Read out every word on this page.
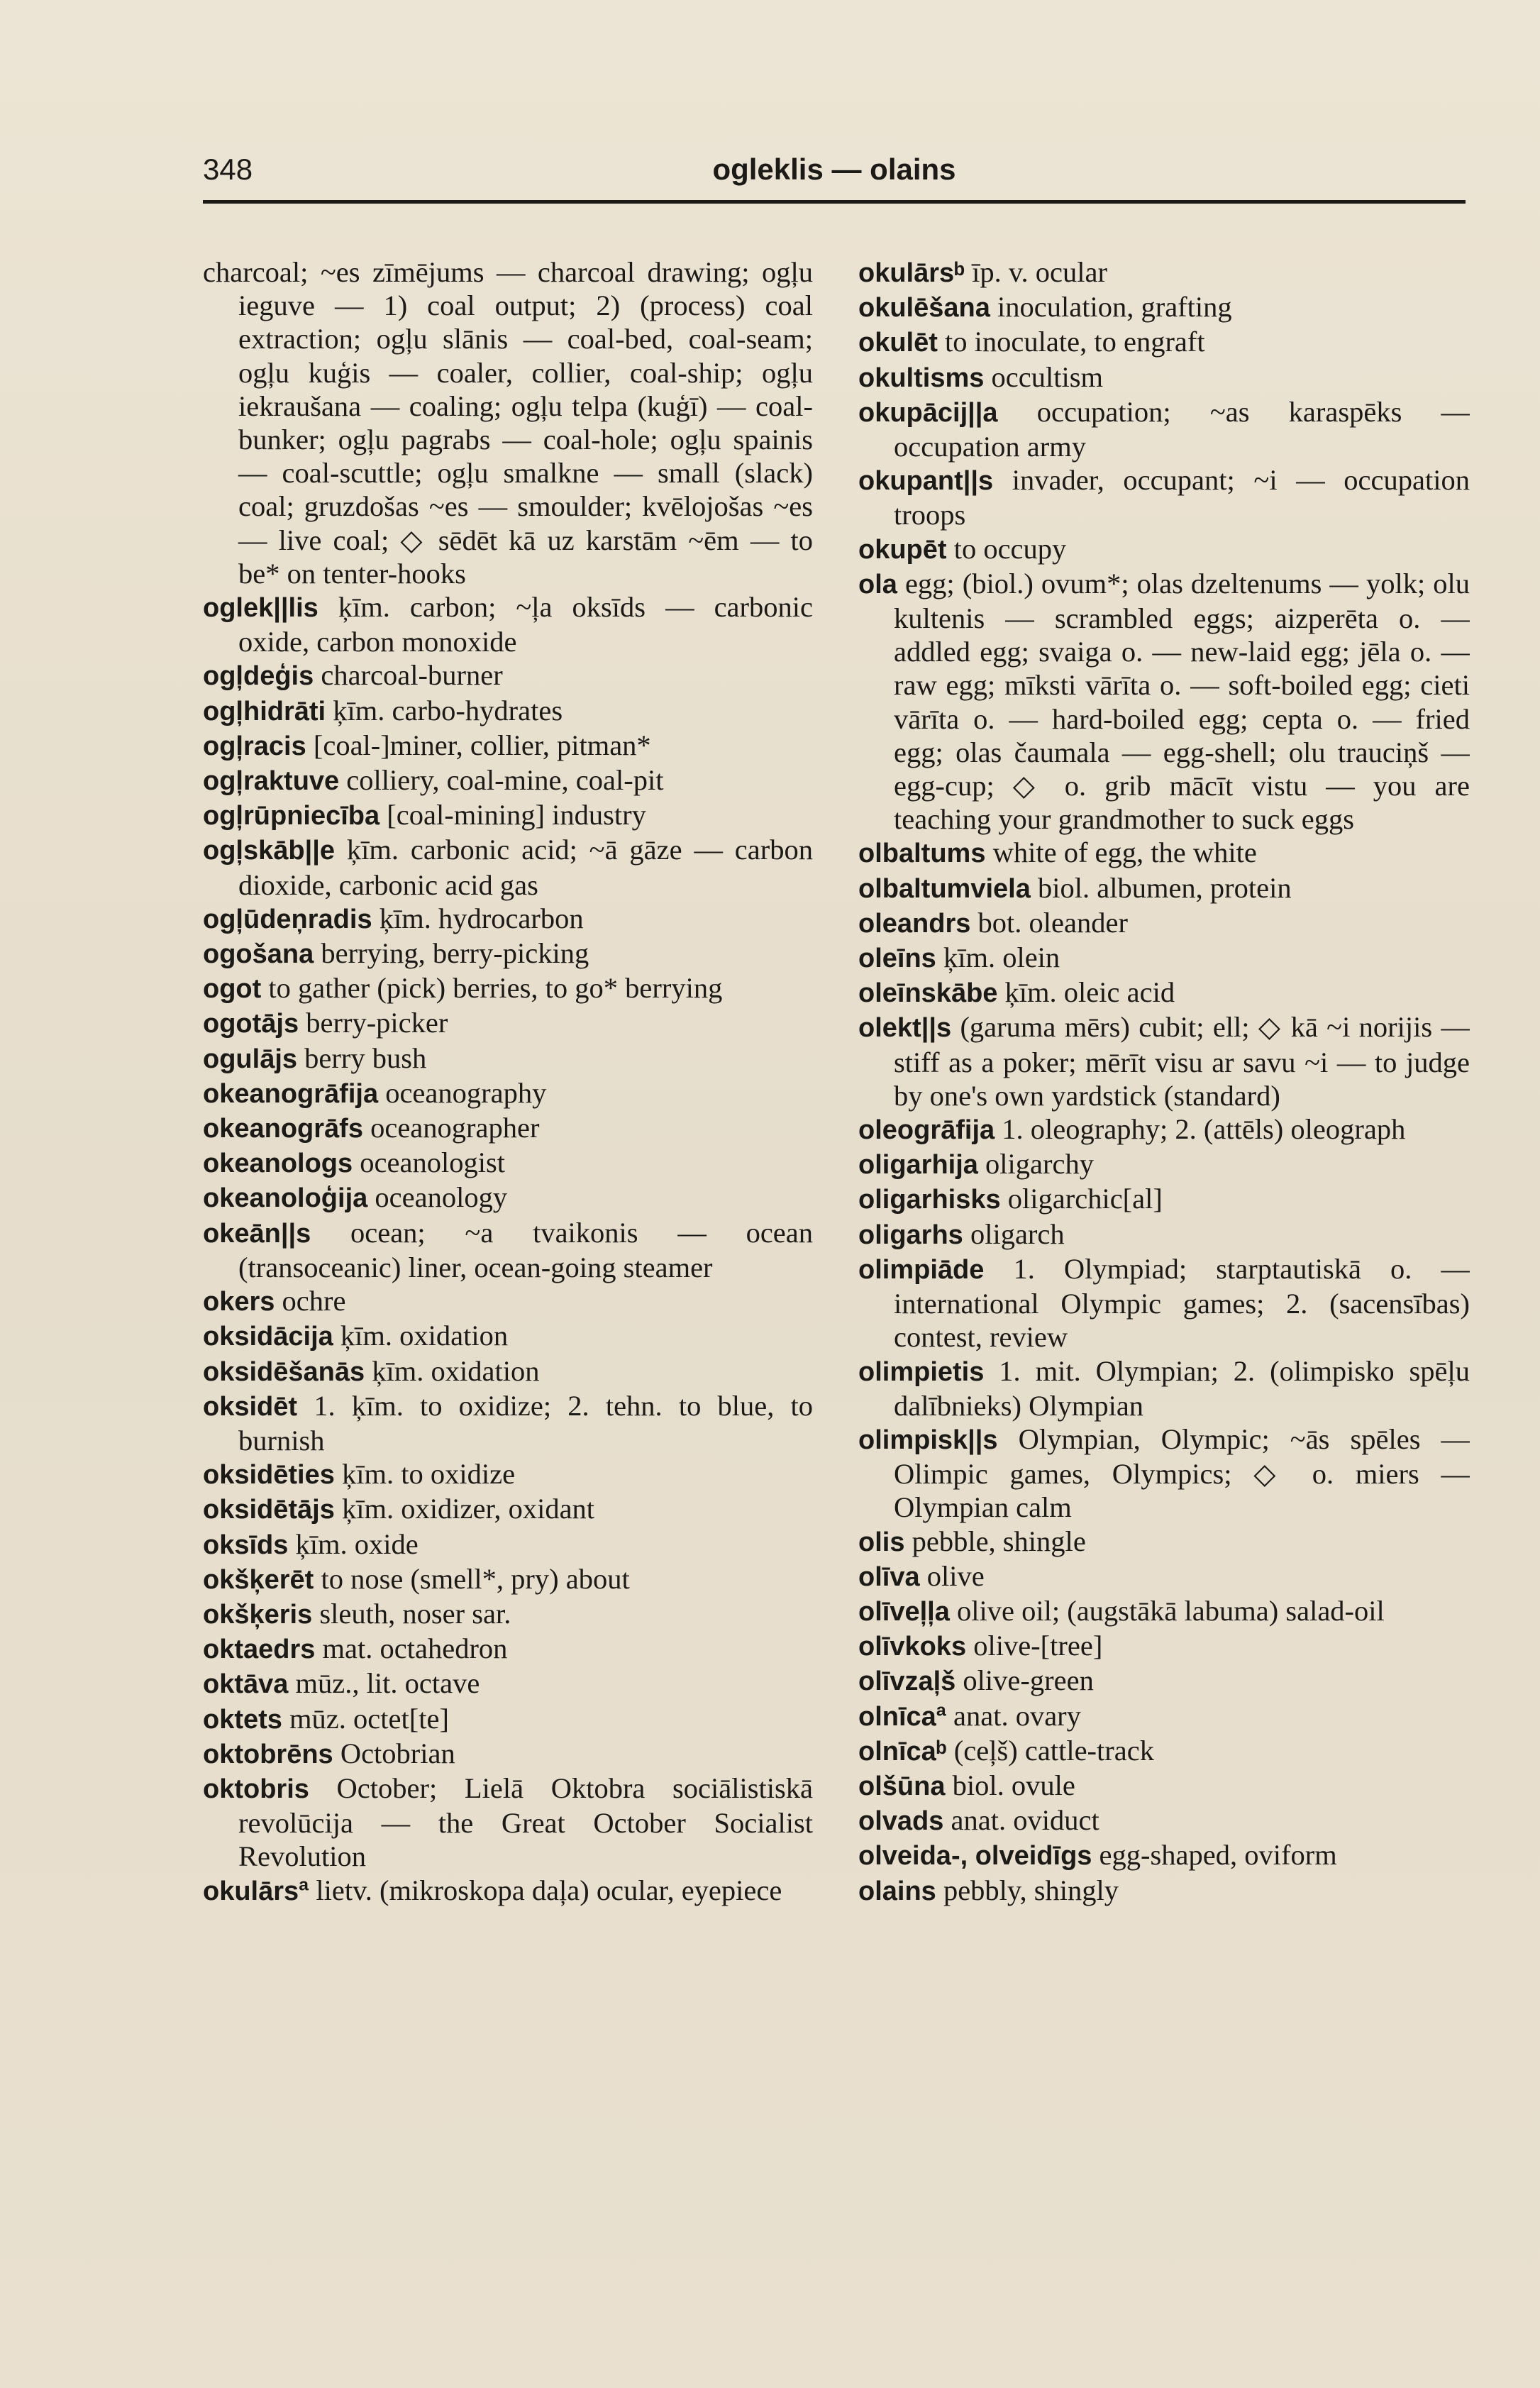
348	ogleklis — olains
charcoal; ~es zīmējums — charcoal drawing; ogļu ieguve — 1) coal output; 2) (process) coal extraction; ogļu slānis — coal-bed, coal-seam; ogļu kuģis — coaler, collier, coal-ship; ogļu iekraušana — coaling; ogļu telpa (kuģī) — coal-bunker; ogļu pagrabs — coal-hole; ogļu spainis — coal-scuttle; ogļu smalkne — small (slack) coal; gruzdošas ~es — smoulder; kvēlojošas ~es — live coal; ◇ sēdēt kā uz karstām ~ēm — to be* on tenter-hooks
oglek||lis ķīm. carbon; ~ļa oksīds — carbonic oxide, carbon monoxide
ogļdeģis charcoal-burner
ogļhidrāti ķīm. carbo-hydrates
ogļracis [coal-]miner, collier, pitman*
ogļraktuve colliery, coal-mine, coal-pit
ogļrūpniecība [coal-mining] industry
ogļskāb||e ķīm. carbonic acid; ~ā gāze — carbon dioxide, carbonic acid gas
ogļūdeņradis ķīm. hydrocarbon
ogošana berrying, berry-picking
ogot to gather (pick) berries, to go* berrying
ogotājs berry-picker
ogulājs berry bush
okeanogrāfija oceanography
okeanogrāfs oceanographer
okeanologs oceanologist
okeanoloģija oceanology
okeān||s ocean; ~a tvaikonis — ocean (transoceanic) liner, ocean-going steamer
okers ochre
oksidācija ķīm. oxidation
oksidēšanās ķīm. oxidation
oksidēt 1. ķīm. to oxidize; 2. tehn. to blue, to burnish
oksidēties ķīm. to oxidize
oksidētājs ķīm. oxidizer, oxidant
oksīds ķīm. oxide
okšķerēt to nose (smell*, pry) about
okšķeris sleuth, noser sar.
oktaedrs mat. octahedron
oktāva mūz., lit. octave
oktets mūz. octet[te]
oktobrēns Octobrian
oktobris October; Lielā Oktobra sociālistiskā revolūcija — the Great October Socialist Revolution
okulārsª lietv. (mikroskopa daļa) ocular, eyepiece
okulārsᵇ īp. v. ocular
okulēšana inoculation, grafting
okulēt to inoculate, to engraft
okultisms occultism
okupācij||a occupation; ~as karaspēks — occupation army
okupant||s invader, occupant; ~i — occupation troops
okupēt to occupy
ola egg; (biol.) ovum*; olas dzeltenums — yolk; olu kultenis — scrambled eggs; aizperēta o. — addled egg; svaiga o. — new-laid egg; jēla o. — raw egg; mīksti vārīta o. — soft-boiled egg; cieti vārīta o. — hard-boiled egg; cepta o. — fried egg; olas čaumala — egg-shell; olu trauciņš — egg-cup; ◇ o. grib mācīt vistu — you are teaching your grandmother to suck eggs
olbaltums white of egg, the white
olbaltumviela biol. albumen, protein
oleandrs bot. oleander
oleīns ķīm. olein
oleīnskābe ķīm. oleic acid
olekt||s (garuma mērs) cubit; ell; ◇ kā ~i norijis — stiff as a poker; mērīt visu ar savu ~i — to judge by one's own yardstick (standard)
oleogrāfija 1. oleography; 2. (attēls) oleograph
oligarhija oligarchy
oligarhisks oligarchic[al]
oligarhs oligarch
olimpiāde 1. Olympiad; starptautiskā o. — international Olympic games; 2. (sacensības) contest, review
olimpietis 1. mit. Olympian; 2. (olimpisko spēļu dalībnieks) Olympian
olimpisk||s Olympian, Olympic; ~ās spēles — Olimpic games, Olympics; ◇ o. miers — Olympian calm
olis pebble, shingle
olīva olive
olīveļļa olive oil; (augstākā labuma) salad-oil
olīvkoks olive-[tree]
olīvzaļš olive-green
olnīcaª anat. ovary
olnīcaᵇ (ceļš) cattle-track
olšūna biol. ovule
olvads anat. oviduct
olveida-, olveidīgs egg-shaped, oviform
olains pebbly, shingly
